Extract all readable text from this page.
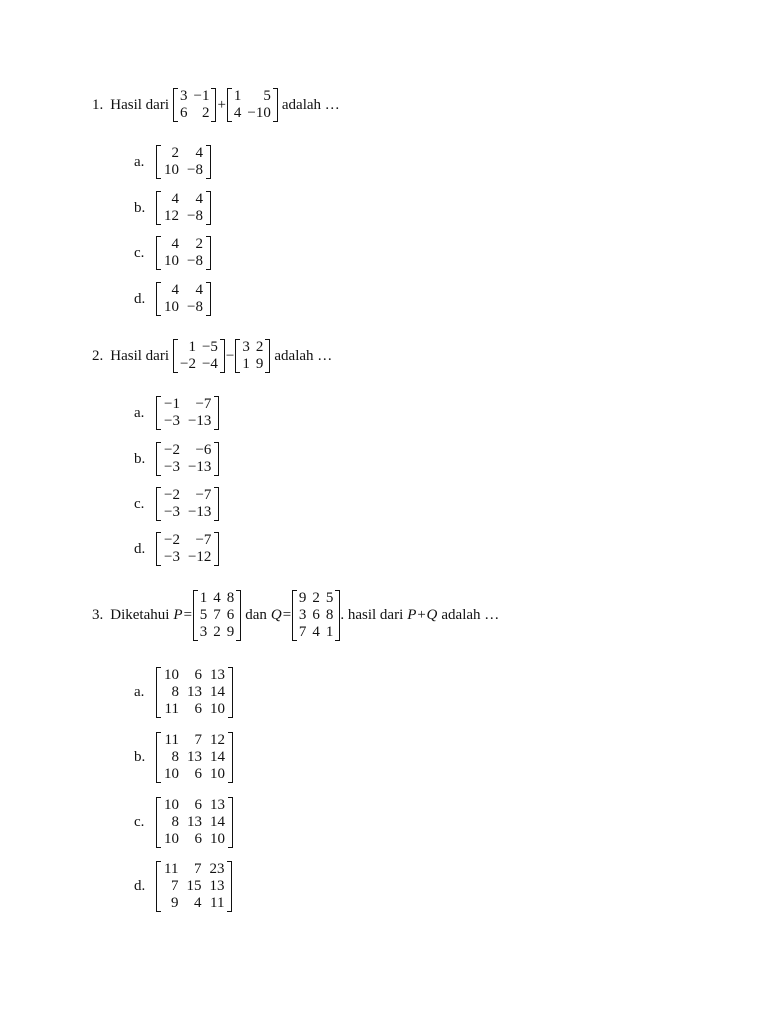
1. Hasil dari
3	−1
6	2
+
1	5
4	−10
adalah …
a.
2	4
10	−8
b.
4	4
12	−8
c.
4	2
10	−8
d.
4	4
10	−8
2. Hasil dari
1	−5
−2	−4
−
3	2
1	9
adalah …
a.
−1	−7
−3	−13
b.
−2	−6
−3	−13
c.
−2	−7
−3	−13
d.
−2	−7
−3	−12
3. Diketahui P=
1	4	8
5	7	6
3	2	9
dan Q=
9	2	5
3	6	8
7	4	1
. hasil dari P+Q adalah …
a.
10	6	13
8	13	14
11	6	10
b.
11	7	12
8	13	14
10	6	10
c.
10	6	13
8	13	14
10	6	10
d.
11	7	23
7	15	13
9	4	11
